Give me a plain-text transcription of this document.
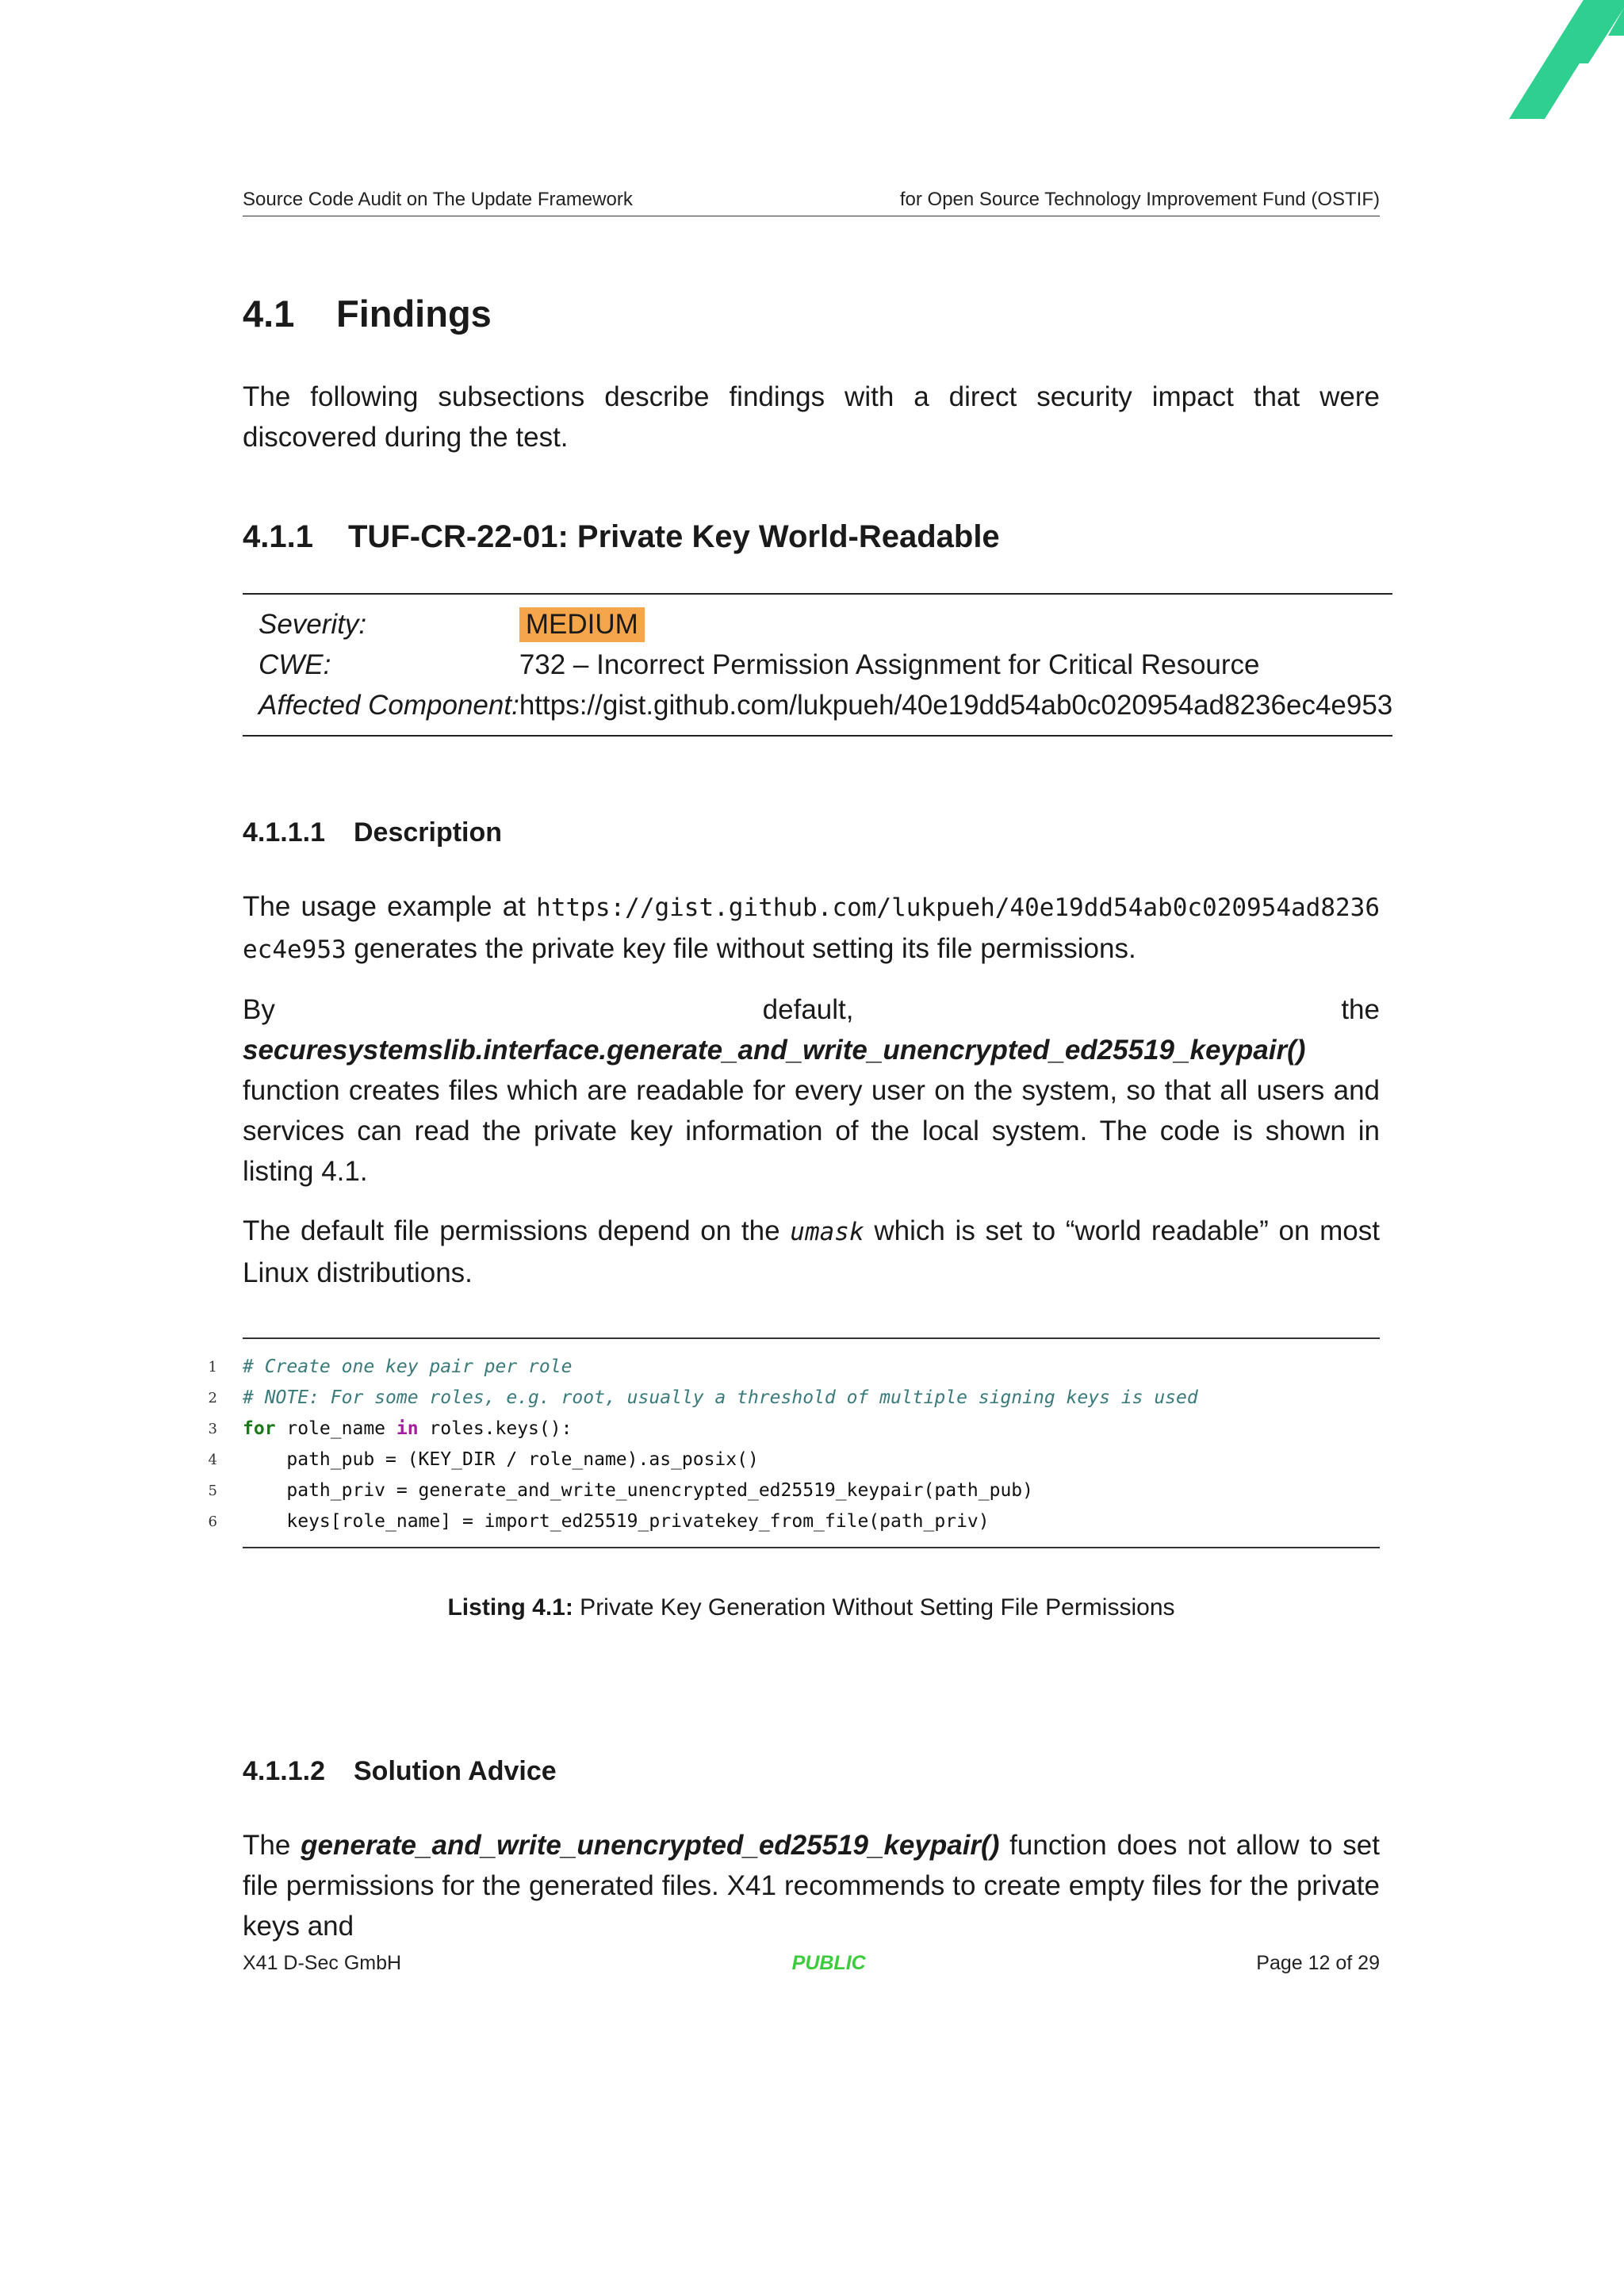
Source Code Audit on The Update Framework	for Open Source Technology Improvement Fund (OSTIF)
4.1 Findings

The following subsections describe findings with a direct security impact that were discovered during the test.

4.1.1 TUF-CR-22-01: Private Key World-Readable
Severity:	MEDIUM
CWE:	732 – Incorrect Permission Assignment for Critical Resource
Affected Component:	https://gist.github.com/lukpueh/40e19dd54ab0c020954ad8236ec4e953
4.1.1.1 Description

The usage example at https://gist.github.com/lukpueh/40e19dd54ab0c020954ad8236ec4e953 generates the private key file without setting its file permissions.

By default, the securesystemslib.interface.generate_and_write_unencrypted_ed25519_keypair() function creates files which are readable for every user on the system, so that all users and services can read the private key information of the local system. The code is shown in listing 4.1.

The default file permissions depend on the umask which is set to “world readable” on most Linux distributions.

1 # Create one key pair per role
2 # NOTE: For some roles, e.g. root, usually a threshold of multiple signing keys is used
3 for role_name in roles.keys():
4 path_pub = (KEY_DIR / role_name).as_posix()
5 path_priv = generate_and_write_unencrypted_ed25519_keypair(path_pub)
6 keys[role_name] = import_ed25519_privatekey_from_file(path_priv)
Listing 4.1: Private Key Generation Without Setting File Permissions
4.1.1.2 Solution Advice

The generate_and_write_unencrypted_ed25519_keypair() function does not allow to set file permissions for the generated files. X41 recommends to create empty files for the private keys and

X41 D-Sec GmbH	PUBLIC	Page 12 of 29
